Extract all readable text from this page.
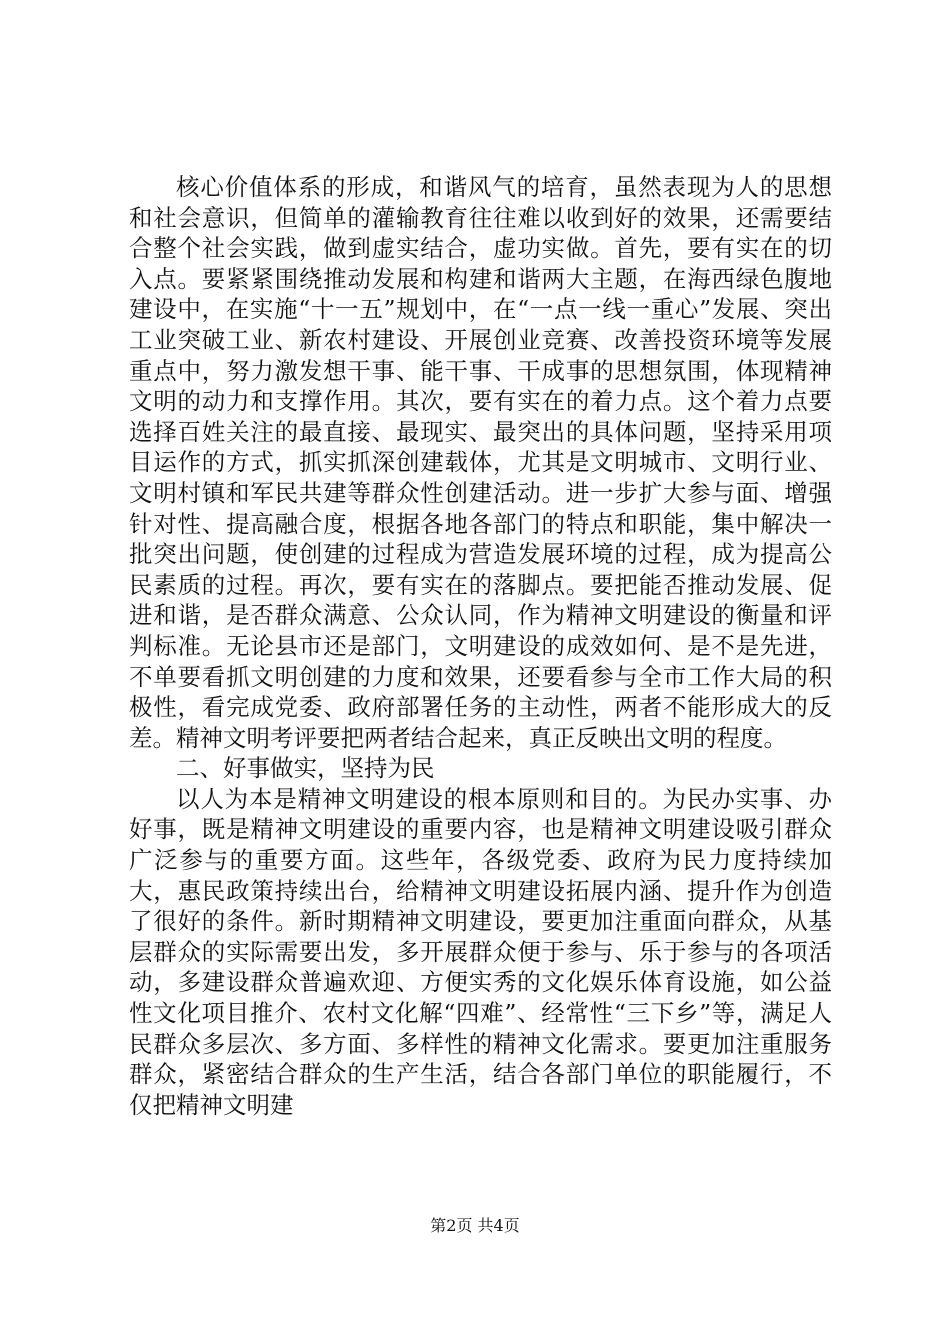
核心价值体系的形成，和谐风气的培育，虽然表现为人的思想和社会意识，但简单的灌输教育往往难以收到好的效果，还需要结合整个社会实践，做到虚实结合，虚功实做。首先，要有实在的切入点。要紧紧围绕推动发展和构建和谐两大主题，在海西绿色腹地建设中，在实施“十一五”规划中，在“一点一线一重心”发展、突出工业突破工业、新农村建设、开展创业竞赛、改善投资环境等发展重点中，努力激发想干事、能干事、干成事的思想氛围，体现精神文明的动力和支撑作用。其次，要有实在的着力点。这个着力点要选择百姓关注的最直接、最现实、最突出的具体问题，坚持采用项目运作的方式，抓实抓深创建载体，尤其是文明城市、文明行业、文明村镇和军民共建等群众性创建活动。进一步扩大参与面、增强针对性、提高融合度，根据各地各部门的特点和职能，集中解决一批突出问题，使创建的过程成为营造发展环境的过程，成为提高公民素质的过程。再次，要有实在的落脚点。要把能否推动发展、促进和谐，是否群众满意、公众认同，作为精神文明建设的衡量和评判标准。无论县市还是部门，文明建设的成效如何、是不是先进，不单要看抓文明创建的力度和效果，还要看参与全市工作大局的积极性，看完成党委、政府部署任务的主动性，两者不能形成大的反差。精神文明考评要把两者结合起来，真正反映出文明的程度。

二、好事做实，坚持为民

以人为本是精神文明建设的根本原则和目的。为民办实事、办好事，既是精神文明建设的重要内容，也是精神文明建设吸引群众广泛参与的重要方面。这些年，各级党委、政府为民力度持续加大，惠民政策持续出台，给精神文明建设拓展内涵、提升作为创造了很好的条件。新时期精神文明建设，要更加注重面向群众，从基层群众的实际需要出发，多开展群众便于参与、乐于参与的各项活动，多建设群众普遍欢迎、方便实秀的文化娱乐体育设施，如公益性文化项目推介、农村文化解“四难”、经常性“三下乡”等，满足人民群众多层次、多方面、多样性的精神文化需求。要更加注重服务群众，紧密结合群众的生产生活，结合各部门单位的职能履行，不仅把精神文明建

第2页 共4页
